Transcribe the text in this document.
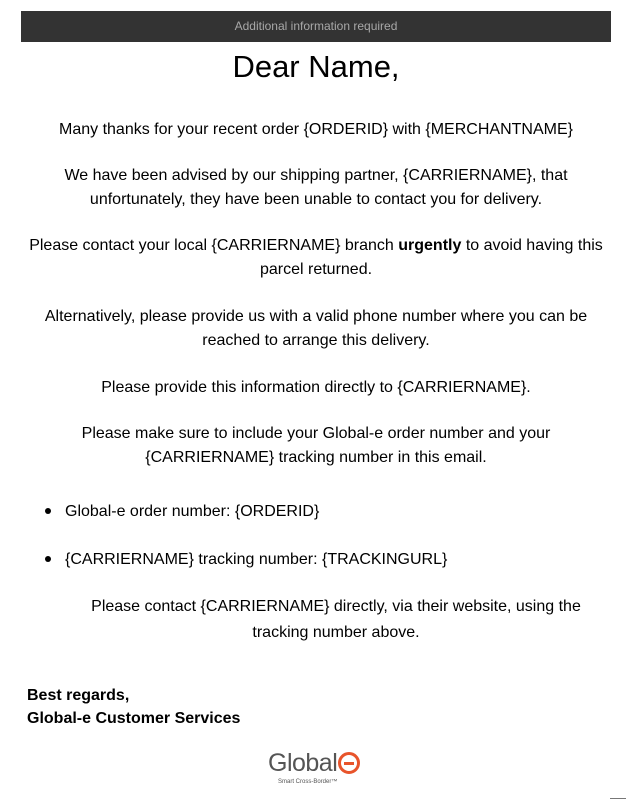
Additional information required
Dear Name,
Many thanks for your recent order {ORDERID} with {MERCHANTNAME}
We have been advised by our shipping partner, {CARRIERNAME}, that unfortunately, they have been unable to contact you for delivery.
Please contact your local {CARRIERNAME} branch urgently to avoid having this parcel returned.
Alternatively, please provide us with a valid phone number where you can be reached to arrange this delivery.
Please provide this information directly to {CARRIERNAME}.
Please make sure to include your Global-e order number and your {CARRIERNAME} tracking number in this email.
Global-e order number: {ORDERID}
{CARRIERNAME} tracking number: {TRACKINGURL}
Please contact {CARRIERNAME} directly, via their website, using the tracking number above.
Best regards,
Global-e Customer Services
Global
Smart Cross-Border™
